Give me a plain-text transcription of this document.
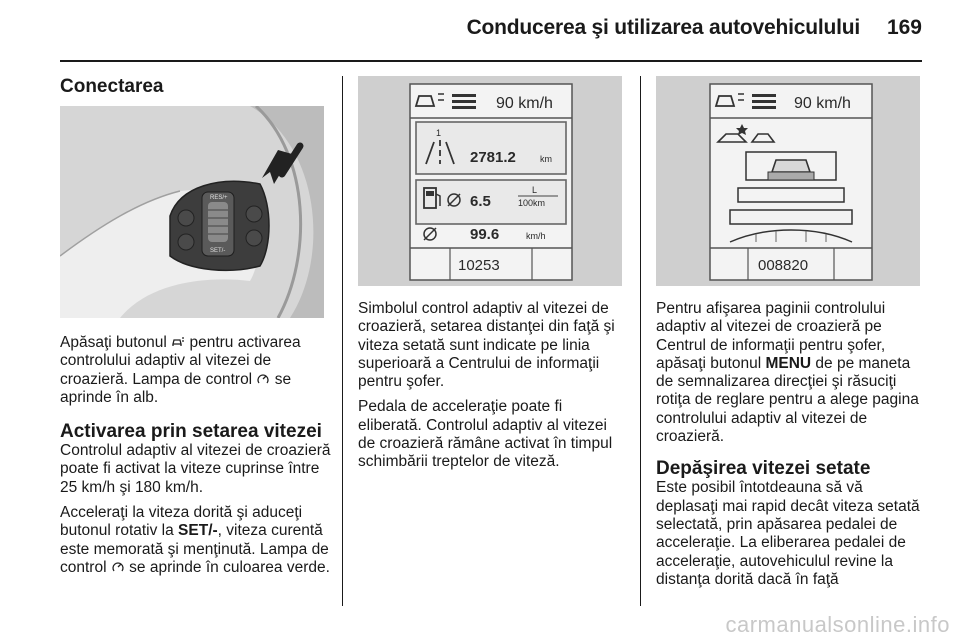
Conducerea şi utilizarea autovehiculului	169
Conectarea
RES/+
SET/-

Apăsaţi butonul  pentru activarea controlului adaptiv al vitezei de croazieră. Lampa de control  se aprinde în alb.

Activarea prin setarea vitezei

Controlul adaptiv al vitezei de croazieră poate fi activat la viteze cuprinse între 25 km/h şi 180 km/h.

Acceleraţi la viteza dorită şi aduceţi butonul rotativ la SET/-, viteza curentă este memorată şi menţinută. Lampa de control  se aprinde în culoarea verde.

90 km/h
1
2781.2	km
6.5
L
100km
99.6	km/h
10253

Simbolul control adaptiv al vitezei de croazieră, setarea distanţei din faţă şi viteza setată sunt indicate pe linia superioară a Centrului de informaţii pentru şofer.

Pedala de acceleraţie poate fi eliberată. Controlul adaptiv al vitezei de croazieră rămâne activat în timpul schimbării treptelor de viteză.

90 km/h
008820

Pentru afişarea paginii controlului adaptiv al vitezei de croazieră pe Centrul de informaţii pentru şofer, apăsaţi butonul MENU de pe maneta de semnalizarea direcţiei şi răsuciţi rotiţa de reglare pentru a alege pagina controlului adaptiv al vitezei de croazieră.

Depăşirea vitezei setate

Este posibil întotdeauna să vă deplasaţi mai rapid decât viteza setată selectată, prin apăsarea pedalei de acceleraţie. La eliberarea pedalei de acceleraţie, autovehiculul revine la distanţa dorită dacă în faţă

carmanualsonline.info
